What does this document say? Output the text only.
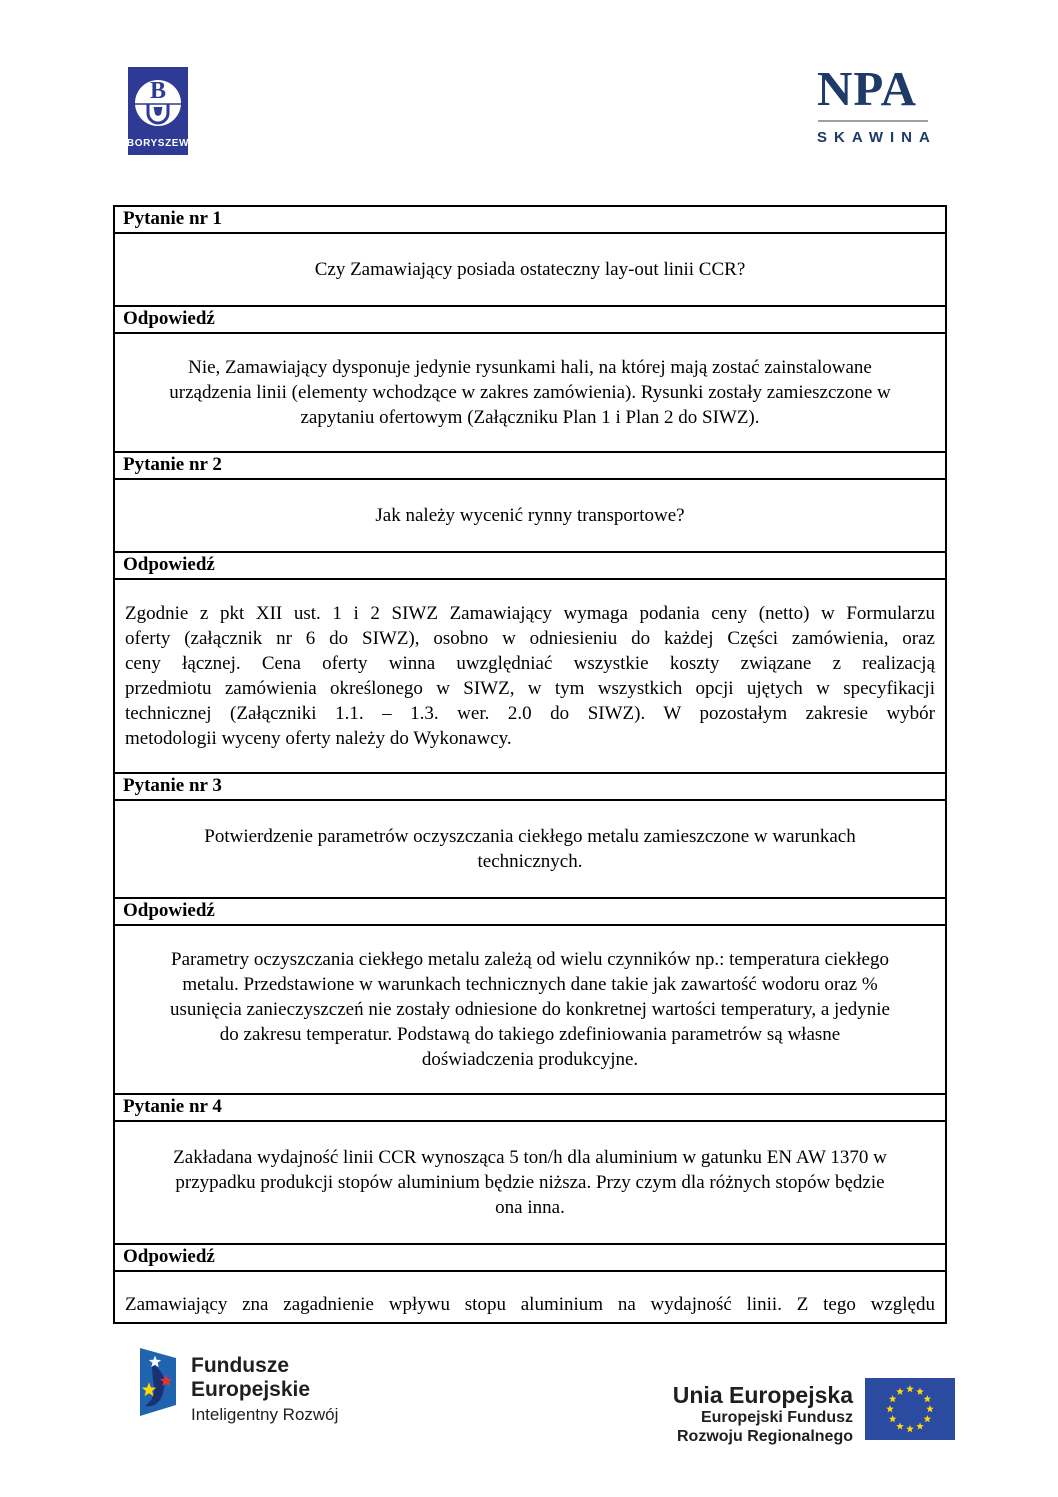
B
BORYSZEW
NPA
SKAWINA
Pytanie nr 1
Czy Zamawiający posiada ostateczny lay-out linii CCR?
Odpowiedź
Nie, Zamawiający dysponuje jedynie rysunkami hali, na której mają zostać zainstalowane
urządzenia linii (elementy wchodzące w zakres zamówienia). Rysunki zostały zamieszczone w
zapytaniu ofertowym (Załączniku Plan 1 i Plan 2 do SIWZ).
Pytanie nr 2
Jak należy wycenić rynny transportowe?
Odpowiedź
Zgodnie z pkt XII ust. 1 i 2 SIWZ Zamawiający wymaga podania ceny (netto) w Formularzu
oferty (załącznik nr 6 do SIWZ), osobno w odniesieniu do każdej Części zamówienia, oraz
ceny łącznej. Cena oferty winna uwzględniać wszystkie koszty związane z realizacją
przedmiotu zamówienia określonego w SIWZ, w tym wszystkich opcji ujętych w specyfikacji
technicznej (Załączniki 1.1. – 1.3. wer. 2.0 do SIWZ). W pozostałym zakresie wybór
metodologii wyceny oferty należy do Wykonawcy.
Pytanie nr 3
Potwierdzenie parametrów oczyszczania ciekłego metalu zamieszczone w warunkach
technicznych.
Odpowiedź
Parametry oczyszczania ciekłego metalu zależą od wielu czynników np.: temperatura ciekłego
metalu. Przedstawione w warunkach technicznych dane takie jak zawartość wodoru oraz %
usunięcia zanieczyszczeń nie zostały odniesione do konkretnej wartości temperatury, a jedynie
do zakresu temperatur. Podstawą do takiego zdefiniowania parametrów są własne
doświadczenia produkcyjne.
Pytanie nr 4
Zakładana wydajność linii CCR wynosząca 5 ton/h dla aluminium w gatunku EN AW 1370 w
przypadku produkcji stopów aluminium będzie niższa. Przy czym dla różnych stopów będzie
ona inna.
Odpowiedź
Zamawiający zna zagadnienie wpływu stopu aluminium na wydajność linii. Z tego względu
Fundusze
Europejskie
Inteligentny Rozwój
Unia Europejska
Europejski Fundusz
Rozwoju Regionalnego
